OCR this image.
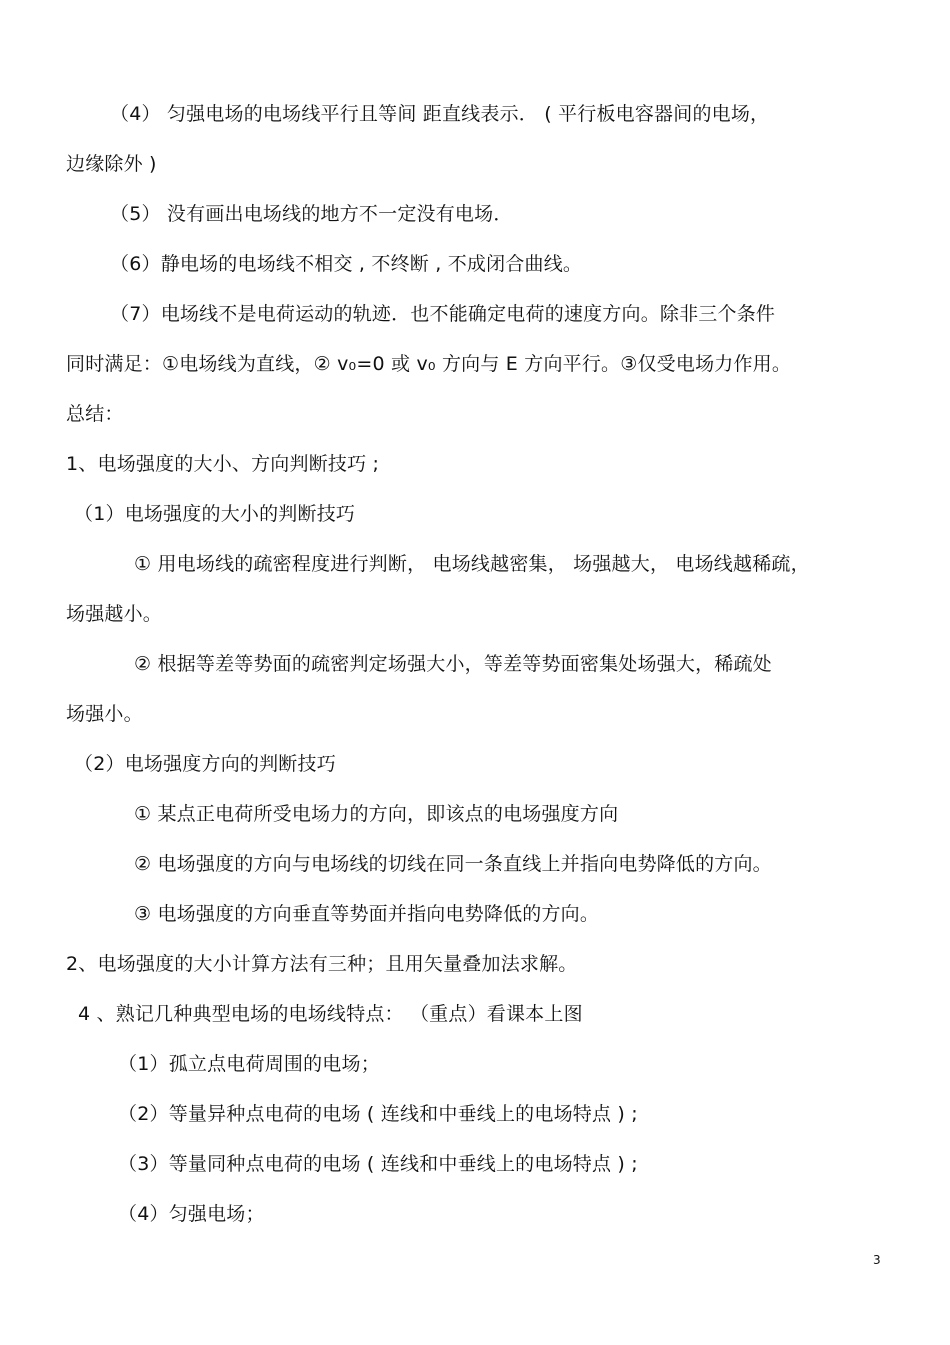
（4） 匀强电场的电场线平行且等间 距直线表示． ( 平行板电容器间的电场，
边缘除外 )
（5） 没有画出电场线的地方不一定没有电场．
（6）静电场的电场线不相交 , 不终断 , 不成闭合曲线。
（7）电场线不是电荷运动的轨迹．也不能确定电荷的速度方向。除非三个条件
同时满足：①电场线为直线，② v₀=0 或 v₀ 方向与 E 方向平行。③仅受电场力作用。
总结：
1、电场强度的大小、方向判断技巧 ;
（1）电场强度的大小的判断技巧
① 用电场线的疏密程度进行判断， 电场线越密集， 场强越大， 电场线越稀疏，
场强越小。
② 根据等差等势面的疏密判定场强大小，等差等势面密集处场强大，稀疏处
场强小。
（2）电场强度方向的判断技巧
① 某点正电荷所受电场力的方向，即该点的电场强度方向
② 电场强度的方向与电场线的切线在同一条直线上并指向电势降低的方向。
③ 电场强度的方向垂直等势面并指向电势降低的方向。
2、电场强度的大小计算方法有三种；且用矢量叠加法求解。
4 、熟记几种典型电场的电场线特点： （重点）看课本上图
（1）孤立点电荷周围的电场；
（2）等量异种点电荷的电场 ( 连线和中垂线上的电场特点 ) ;
（3）等量同种点电荷的电场 ( 连线和中垂线上的电场特点 ) ;
（4）匀强电场；
3
